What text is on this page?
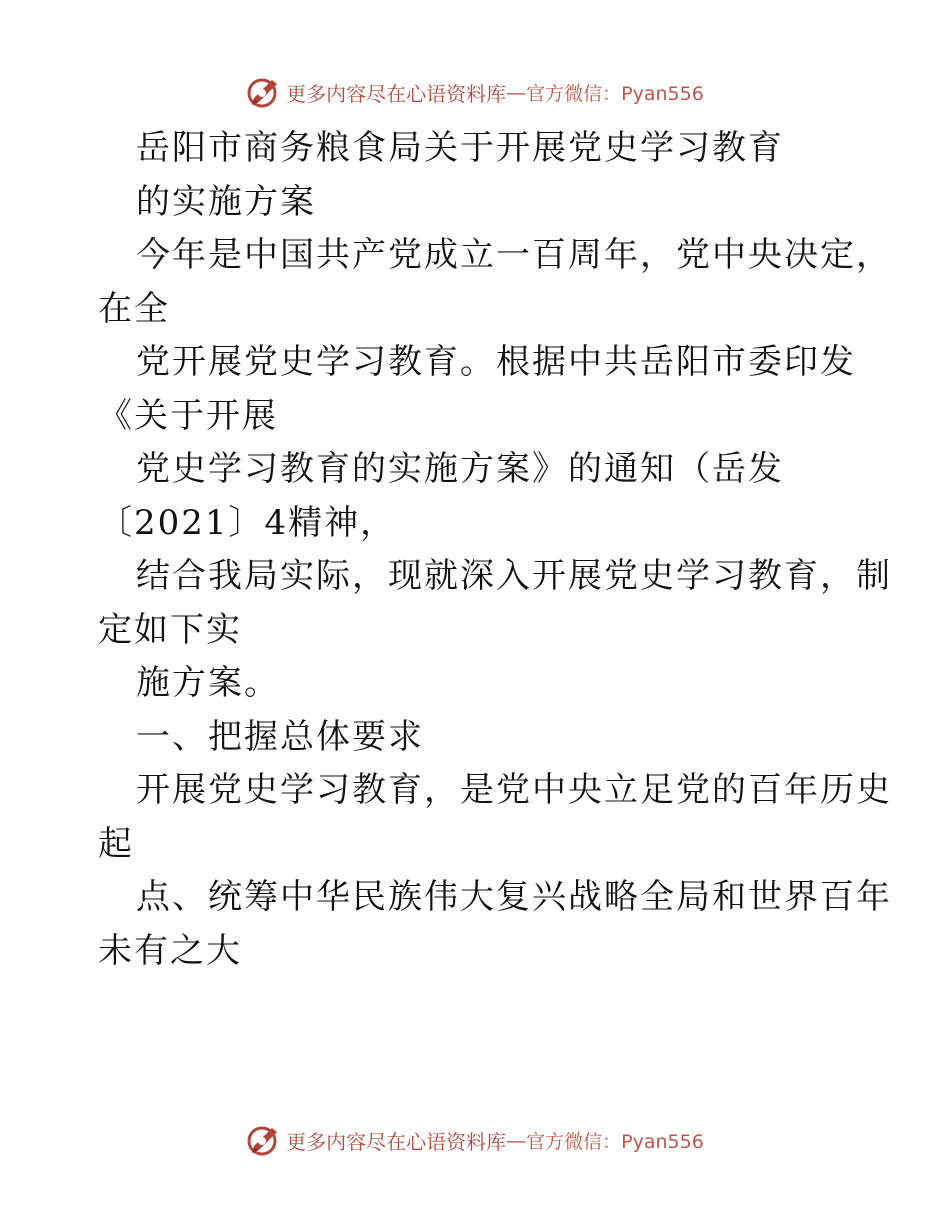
更多内容尽在心语资料库 — 官方微信：Pyan556
岳阳市商务粮食局关于开展党史学习教育
的实施方案
今年是中国共产党成立一百周年，党中央决定，
在全
党开展党史学习教育。根据中共岳阳市委印发
《关于开展
党史学习教育的实施方案》的通知（岳发
〔2021〕4精神，
结合我局实际，现就深入开展党史学习教育，制
定如下实
施方案。
一、把握总体要求
开展党史学习教育，是党中央立足党的百年历史
起
点、统筹中华民族伟大复兴战略全局和世界百年
未有之大
更多内容尽在心语资料库 — 官方微信：Pyan556
